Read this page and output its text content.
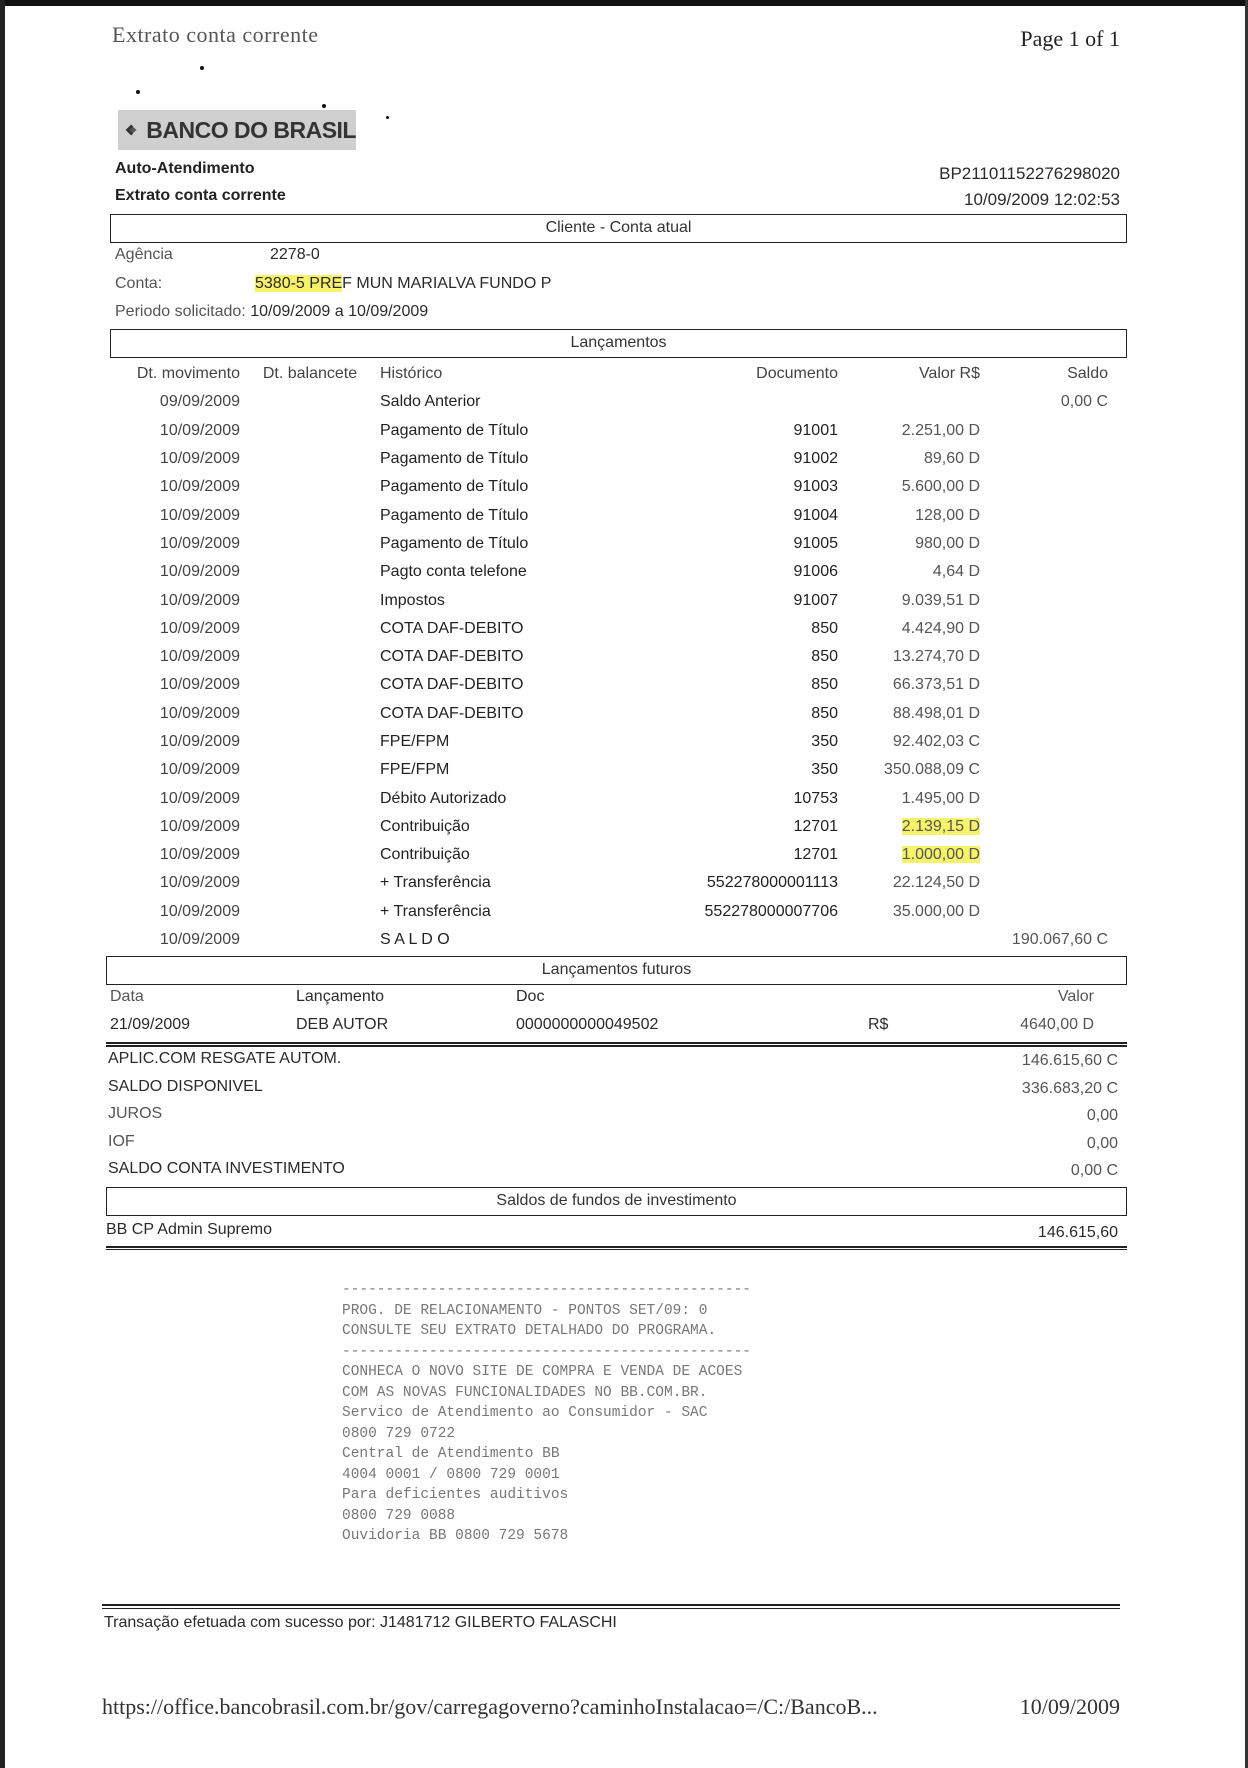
Extrato conta corrente	Page 1 of 1
BANCO DO BRASIL
Auto-Atendimento
Extrato conta corrente
BP21101152276298020
10/09/2009 12:02:53
Cliente - Conta atual
Agência	2278-0
Conta:	5380-5 PREF MUN MARIALVA FUNDO P
Periodo solicitado: 10/09/2009 a 10/09/2009
Lançamentos
Dt. movimento	Dt. balancete	Histórico	Documento	Valor R$	Saldo
09/09/2009		Saldo Anterior			0,00 C
10/09/2009		Pagamento de Título	91001	2.251,00 D	
10/09/2009		Pagamento de Título	91002	89,60 D	
10/09/2009		Pagamento de Título	91003	5.600,00 D	
10/09/2009		Pagamento de Título	91004	128,00 D	
10/09/2009		Pagamento de Título	91005	980,00 D	
10/09/2009		Pagto conta telefone	91006	4,64 D	
10/09/2009		Impostos	91007	9.039,51 D	
10/09/2009		COTA DAF-DEBITO	850	4.424,90 D	
10/09/2009		COTA DAF-DEBITO	850	13.274,70 D	
10/09/2009		COTA DAF-DEBITO	850	66.373,51 D	
10/09/2009		COTA DAF-DEBITO	850	88.498,01 D	
10/09/2009		FPE/FPM	350	92.402,03 C	
10/09/2009		FPE/FPM	350	350.088,09 C	
10/09/2009		Débito Autorizado	10753	1.495,00 D	
10/09/2009		Contribuição	12701	2.139,15 D	
10/09/2009		Contribuição	12701	1.000,00 D	
10/09/2009		+ Transferência	552278000001113	22.124,50 D	
10/09/2009		+ Transferência	552278000007706	35.000,00 D	
10/09/2009		S A L D O			190.067,60 C
Lançamentos futuros
Data	Lançamento	Doc	Valor
21/09/2009	DEB AUTOR	0000000000049502	R$	4640,00 D
APLIC.COM RESGATE AUTOM.	146.615,60 C
SALDO DISPONIVEL	336.683,20 C
JUROS	0,00
IOF	0,00
SALDO CONTA INVESTIMENTO	0,00 C
Saldos de fundos de investimento
BB CP Admin Supremo	146.615,60
-----------------------------------------------
PROG. DE RELACIONAMENTO - PONTOS SET/09: 0
CONSULTE SEU EXTRATO DETALHADO DO PROGRAMA.
-----------------------------------------------
CONHECA O NOVO SITE DE COMPRA E VENDA DE ACOES
COM AS NOVAS FUNCIONALIDADES NO BB.COM.BR.
Servico de Atendimento ao Consumidor - SAC
0800 729 0722
Central de Atendimento BB
4004 0001 / 0800 729 0001
Para deficientes auditivos
0800 729 0088
Ouvidoria BB 0800 729 5678
Transação efetuada com sucesso por: J1481712 GILBERTO FALASCHI
https://office.bancobrasil.com.br/gov/carregagoverno?caminhoInstalacao=/C:/BancoB...	10/09/2009
